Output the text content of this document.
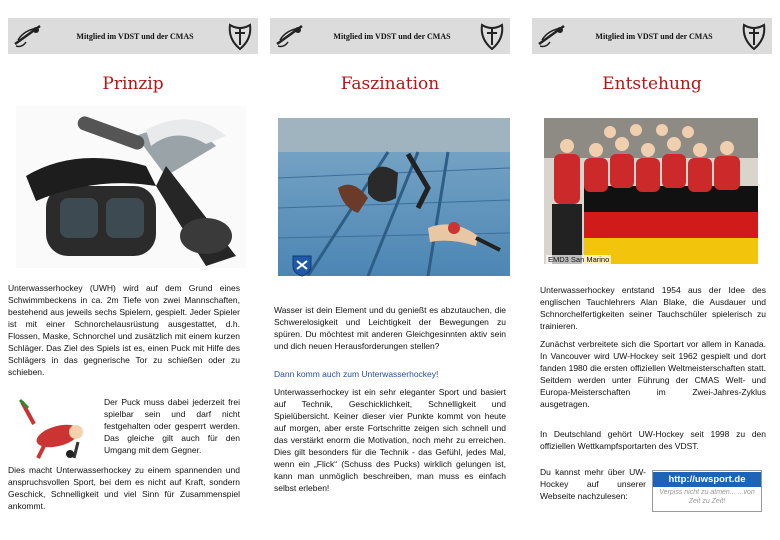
Mitglied im VDST und der CMAS
Prinzip

Unterwasserhockey (UWH) wird auf dem Grund eines Schwimmbeckens in ca. 2m Tiefe von zwei Mannschaften, bestehend aus jeweils sechs Spielern, gespielt. Jeder Spieler ist mit einer Schnorchelausrüstung ausgestattet, d.h. Flossen, Maske, Schnorchel und zusätzlich mit einem kurzen Schläger. Das Ziel des Spiels ist es, einen Puck mit Hilfe des Schlägers in das gegnerische Tor zu schießen oder zu schieben.

Der Puck muss dabei jederzeit frei spielbar sein und darf nicht festgehalten oder gesperrt werden. Das gleiche gilt auch für den Umgang mit dem Gegner.

Dies macht Unterwasserhockey zu einem spannenden und anspruchsvollen Sport, bei dem es nicht auf Kraft, sondern Geschick, Schnelligkeit und viel Sinn für Zusammenspiel ankommt.

Mitglied im VDST und der CMAS
Faszination

Wasser ist dein Element und du genießt es abzutauchen, die Schwerelosigkeit und Leichtigkeit der Bewegungen zu spüren. Du möchtest mit anderen Gleichgesinnten aktiv sein und dich neuen Herausforderungen stellen?

Dann komm auch zum Unterwasserhockey!

Unterwasserhockey ist ein sehr eleganter Sport und basiert auf Technik, Geschicklichkeit, Schnelligkeit und Spielübersicht. Keiner dieser vier Punkte kommt von heute auf morgen, aber erste Fortschritte zeigen sich schnell und das verstärkt enorm die Motivation, noch mehr zu erreichen. Dies gilt besonders für die Technik - das Gefühl, jedes Mal, wenn ein „Flick“ (Schuss des Pucks) wirklich gelungen ist, kann man unmöglich beschreiben, man muss es einfach selbst erleben!

Mitglied im VDST und der CMAS
Entstehung
EMD3 San Marino

Unterwasserhockey entstand 1954 aus der Idee des englischen Tauchlehrers Alan Blake, die Ausdauer und Schnorchelfertigkeiten seiner Tauchschüler spielerisch zu trainieren.

Zunächst verbreitete sich die Sportart vor allem in Kanada. In Vancouver wird UW-Hockey seit 1962 gespielt und dort fanden 1980 die ersten offiziellen Weltmeisterschaften statt. Seitdem werden unter Führung der CMAS Welt- und Europa-Meisterschaften im Zwei-Jahres-Zyklus ausgetragen.

In Deutschland gehört UW-Hockey seit 1998 zu den offiziellen Wettkampfsportarten des VDST.

Du kannst mehr über UW-Hockey auf unserer Webseite nachzulesen:

http://uwsport.de
Verpiss nicht zu atmen... ...von Zeit zu Zeit!
